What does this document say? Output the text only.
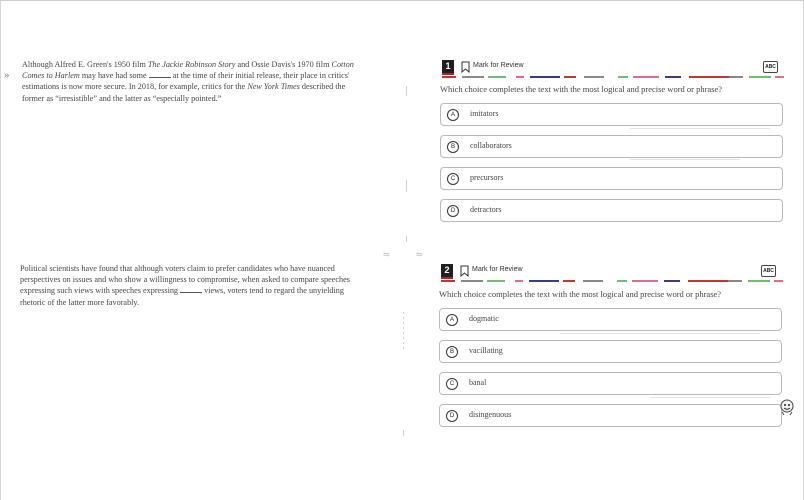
»

Although Alfred E. Green's 1950 film The Jackie Robinson Story and Ossie Davis's 1970 film Cotton Comes to Harlem may have had some	at the time of their initial release, their place in critics' estimations is now more secure. In 2018, for example, critics for the New York Times described the former as “irresistible” and the latter as “especially pointed.”

Political scientists have found that although voters claim to prefer candidates who have nuanced perspectives on issues and who show a willingness to compromise, when asked to compare speeches expressing such views with speeches expressing	views, voters tend to regard the unyielding rhetoric of the latter more favorably.

⇋	⇋
1	Mark for Review	ABC
Which choice completes the text with the most logical and precise word or phrase?
A	imitators
B	collaborators
C	precursors
D	detractors
2	Mark for Review	ABC
Which choice completes the text with the most logical and precise word or phrase?
A	dogmatic
B	vacillating
C	banal
D	disingenuous
